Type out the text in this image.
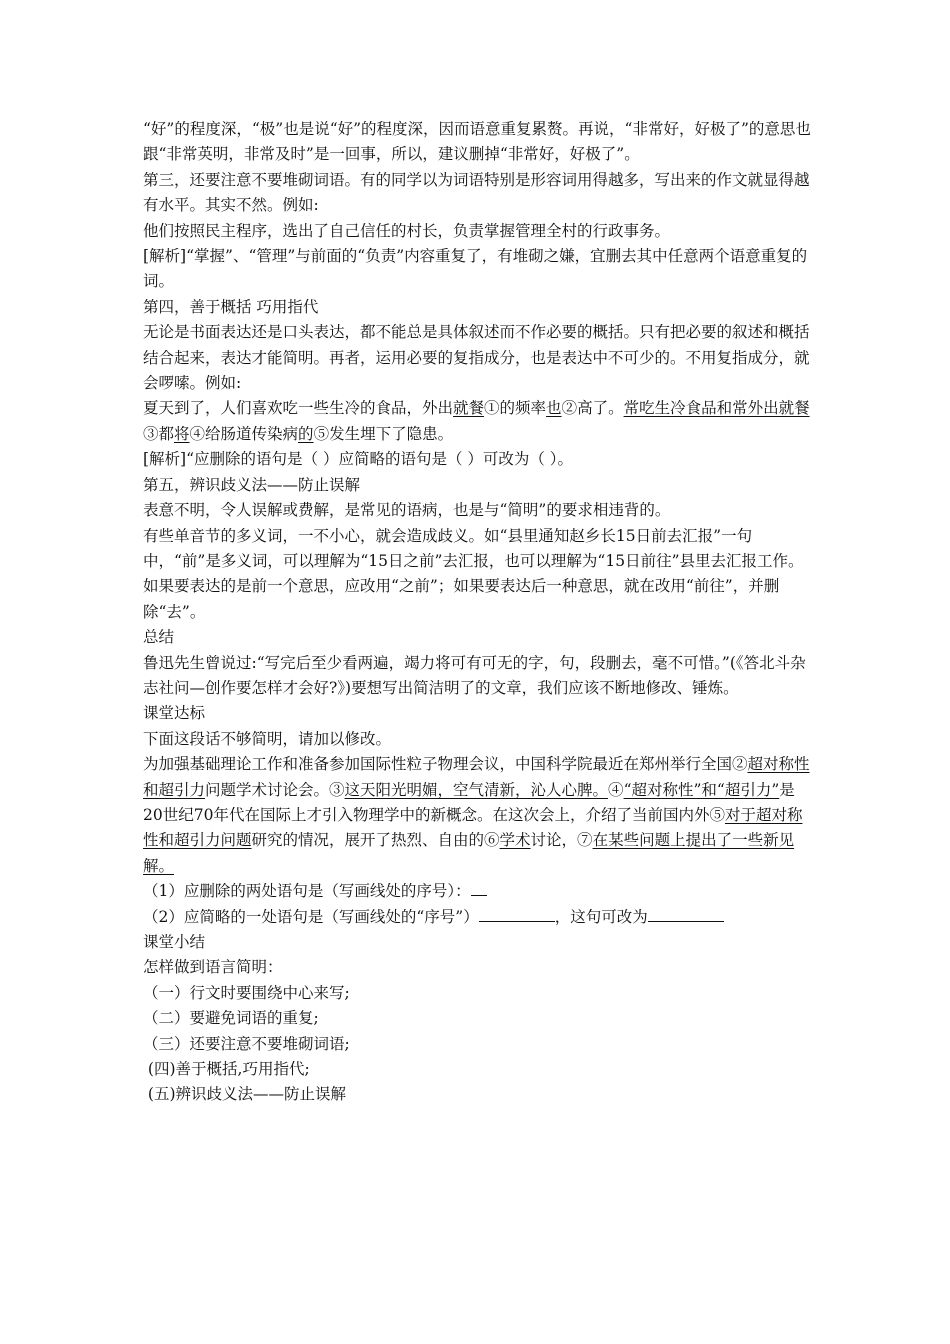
“好”的程度深，“极”也是说“好”的程度深，因而语意重复累赘。再说，“非常好，好极了”的意思也跟“非常英明，非常及时”是一回事，所以，建议删掉“非常好，好极了”。

第三，还要注意不要堆砌词语。有的同学以为词语特别是形容词用得越多，写出来的作文就显得越有水平。其实不然。例如:

他们按照民主程序，选出了自己信任的村长，负责掌握管理全村的行政事务。

[解析]“掌握”、“管理”与前面的“负责”内容重复了，有堆砌之嫌，宜删去其中任意两个语意重复的词。

第四，善于概括 巧用指代

无论是书面表达还是口头表达，都不能总是具体叙述而不作必要的概括。只有把必要的叙述和概括结合起来，表达才能简明。再者，运用必要的复指成分，也是表达中不可少的。不用复指成分，就会啰嗦。例如:

夏天到了，人们喜欢吃一些生冷的食品，外出就餐①的频率也②高了。常吃生冷食品和常外出就餐③都将④给肠道传染病的⑤发生埋下了隐患。

[解析]“应删除的语句是（ ）应简略的语句是（ ）可改为（ ）。

第五，辨识歧义法——防止误解

表意不明，令人误解或费解，是常见的语病，也是与“简明”的要求相违背的。

有些单音节的多义词，一不小心，就会造成歧义。如“县里通知赵乡长15日前去汇报”一句中，“前”是多义词，可以理解为“15日之前”去汇报，也可以理解为“15日前往”县里去汇报工作。如果要表达的是前一个意思，应改用“之前”；如果要表达后一种意思，就在改用“前往”，并删除“去”。

总结

鲁迅先生曾说过:“写完后至少看两遍，竭力将可有可无的字，句，段删去，毫不可惜。”(《答北斗杂志社问—创作要怎样才会好?》)要想写出简洁明了的文章，我们应该不断地修改、锤炼。

课堂达标

下面这段话不够简明，请加以修改。

为加强基础理论工作和准备参加国际性粒子物理会议，中国科学院最近在郑州举行全国②超对称性和超引力问题学术讨论会。③这天阳光明媚，空气清新，沁人心脾。④“超对称性”和“超引力”是20世纪70年代在国际上才引入物理学中的新概念。在这次会上，介绍了当前国内外⑤对于超对称性和超引力问题研究的情况，展开了热烈、自由的⑥学术讨论，⑦在某些问题上提出了一些新见解。

（1）应删除的两处语句是（写画线处的序号）：

（2）应简略的一处语句是（写画线处的“序号”）	，这句可改为

课堂小结

怎样做到语言简明：

（一）行文时要围绕中心来写;

（二）要避免词语的重复;

（三）还要注意不要堆砌词语;

(四)善于概括,巧用指代;

(五)辨识歧义法——防止误解
